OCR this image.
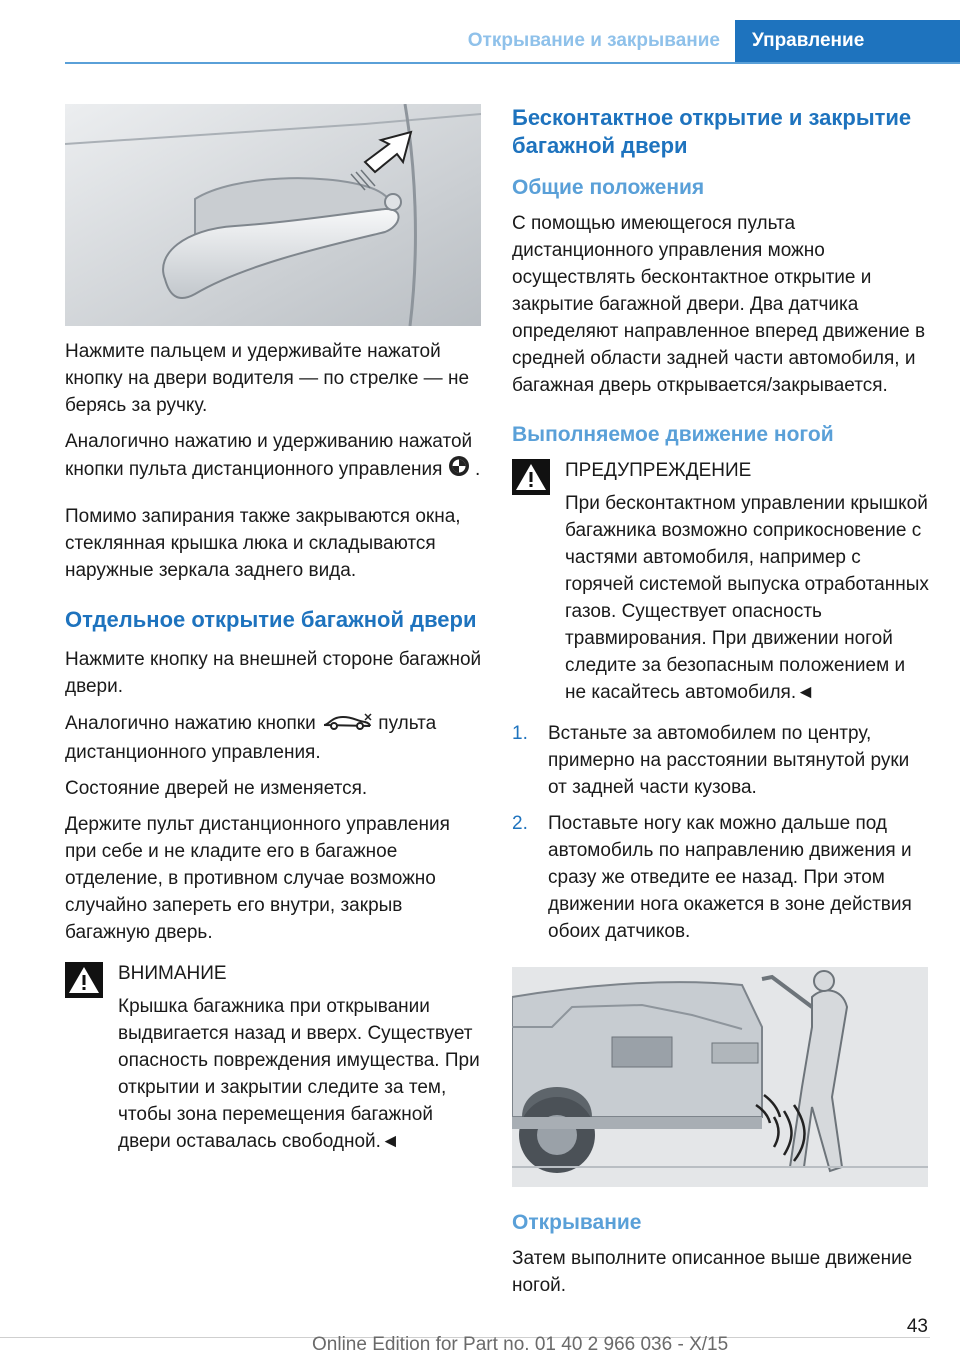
Открывание и закрывание	Управление

Нажмите пальцем и удерживайте нажатой кнопку на двери водителя — по стрелке — не берясь за ручку.

Аналогично нажатию и удерживанию нажатой кнопки пульта дистанционного управления .

Помимо запирания также закрываются окна, стеклянная крышка люка и складываются наружные зеркала заднего вида.

Отдельное открытие багажной двери

Нажмите кнопку на внешней стороне багажной двери.

Аналогично нажатию кнопки	пульта дистанционного управления.

Состояние дверей не изменяется.

Держите пульт дистанционного управления при себе и не кладите его в багажное отделение, в противном случае возможно случайно запереть его внутри, закрыв багажную дверь.

ВНИМАНИЕ
Крышка багажника при открывании выдвигается назад и вверх. Существует опасность повреждения имущества. При открытии и закрытии следите за тем, чтобы зона перемещения багажной двери оставалась свободной.◄
Бесконтактное открытие и закрытие багажной двери
Общие положения

С помощью имеющегося пульта дистанционного управления можно осуществлять бесконтактное открытие и закрытие багажной двери. Два датчика определяют направленное вперед движение в средней области задней части автомобиля, и багажная дверь открывается/закрывается.

Выполняемое движение ногой
ПРЕДУПРЕЖДЕНИЕ
При бесконтактном управлении крышкой багажника возможно соприкосновение с частями автомобиля, например с горячей системой выпуска отработанных газов. Существует опасность травмирования. При движении ногой следите за безопасным положением и не касайтесь автомобиля.◄
1. Встаньте за автомобилем по центру, примерно на расстоянии вытянутой руки от задней части кузова.
2. Поставьте ногу как можно дальше под автомобиль по направлению движения и сразу же отведите ее назад. При этом движении нога окажется в зоне действия обоих датчиков.
Открывание

Затем выполните описанное выше движение ногой.

43
Online Edition for Part no. 01 40 2 966 036 - X/15
